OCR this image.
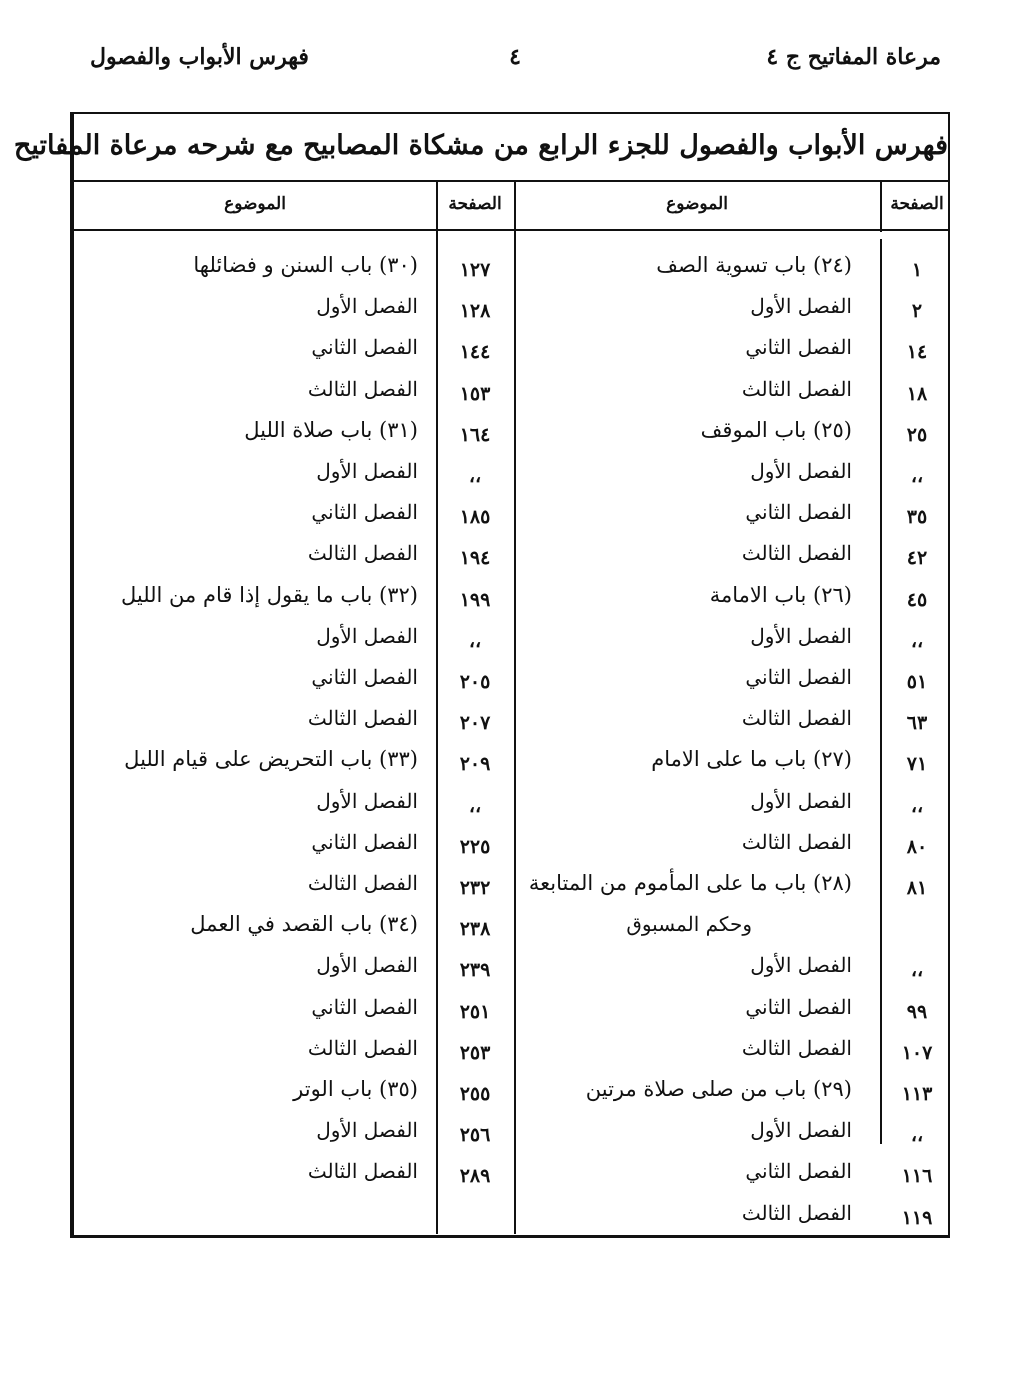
مرعاة المفاتيح ج ٤
٤
فهرس الأبواب والفصول
فهرس الأبواب والفصول للجزء الرابع من مشكاة المصابيح مع شرحه مرعاة المفاتيح
الصفحة
الموضوع
الصفحة
الموضوع
١
(٢٤) باب تسوية الصف
٢
الفصل الأول
١٤
الفصل الثاني
١٨
الفصل الثالث
٢٥
(٢٥) باب الموقف
،،
الفصل الأول
٣٥
الفصل الثاني
٤٢
الفصل الثالث
٤٥
(٢٦) باب الامامة
،،
الفصل الأول
٥١
الفصل الثاني
٦٣
الفصل الثالث
٧١
(٢٧) باب ما على الامام
،،
الفصل الأول
٨٠
الفصل الثالث
٨١
(٢٨) باب ما على المأموم من المتابعة
وحكم المسبوق
،،
الفصل الأول
٩٩
الفصل الثاني
١٠٧
الفصل الثالث
١١٣
(٢٩) باب من صلى صلاة مرتين
،،
الفصل الأول
١١٦
الفصل الثاني
١١٩
الفصل الثالث
١٢٧
(٣٠) باب السنن و فضائلها
١٢٨
الفصل الأول
١٤٤
الفصل الثاني
١٥٣
الفصل الثالث
١٦٤
(٣١) باب صلاة الليل
،،
الفصل الأول
١٨٥
الفصل الثاني
١٩٤
الفصل الثالث
١٩٩
(٣٢) باب ما يقول إذا قام من الليل
،،
الفصل الأول
٢٠٥
الفصل الثاني
٢٠٧
الفصل الثالث
٢٠٩
(٣٣) باب التحريض على قيام الليل
،،
الفصل الأول
٢٢٥
الفصل الثاني
٢٣٢
الفصل الثالث
٢٣٨
(٣٤) باب القصد في العمل
٢٣٩
الفصل الأول
٢٥١
الفصل الثاني
٢٥٣
الفصل الثالث
٢٥٥
(٣٥) باب الوتر
٢٥٦
الفصل الأول
٢٨٩
الفصل الثالث
